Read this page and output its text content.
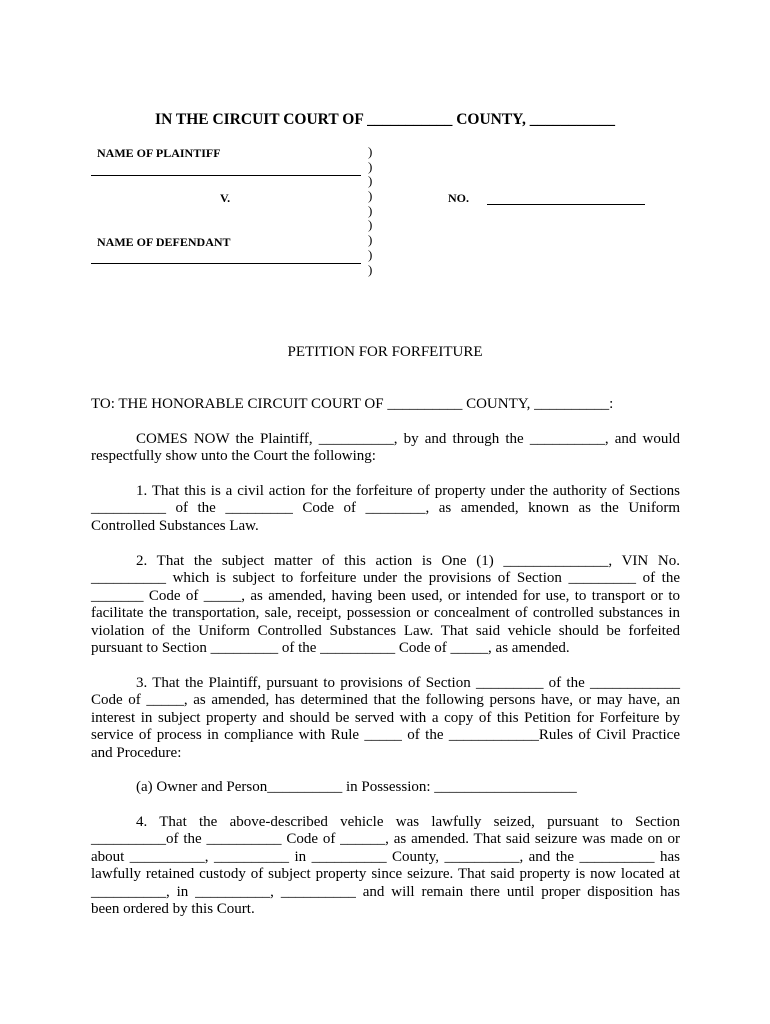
IN THE CIRCUIT COURT OF ___________ COUNTY, ___________
NAME OF PLAINTIFF
V.
NAME OF DEFENDANT
)
)
)
)
)
)
)
)
)
NO.
PETITION FOR FORFEITURE
TO: THE HONORABLE CIRCUIT COURT OF __________ COUNTY, __________:
COMES NOW the Plaintiff, __________, by and through the __________, and would
respectfully show unto the Court the following:
1. That this is a civil action for the forfeiture of property under the authority of Sections
__________ of the _________ Code of ________, as amended, known as the Uniform
Controlled Substances Law.
2. That the subject matter of this action is One (1) ______________, VIN No.
__________ which is subject to forfeiture under the provisions of Section _________ of the
_______ Code of _____, as amended, having been used, or intended for use, to transport or to
facilitate the transportation, sale, receipt, possession or concealment of controlled substances in
violation of the Uniform Controlled Substances Law. That said vehicle should be forfeited
pursuant to Section _________ of the __________ Code of _____, as amended.
3. That the Plaintiff, pursuant to provisions of Section _________ of the ____________
Code of _____, as amended, has determined that the following persons have, or may have, an
interest in subject property and should be served with a copy of this Petition for Forfeiture by
service of process in compliance with Rule _____ of the ____________Rules of Civil Practice
and Procedure:
(a) Owner and Person__________ in Possession: ___________________
4. That the above-described vehicle was lawfully seized, pursuant to Section
__________of the __________ Code of ______, as amended. That said seizure was made on or
about __________, __________ in __________ County, __________, and the __________ has
lawfully retained custody of subject property since seizure. That said property is now located at
__________, in __________, __________ and will remain there until proper disposition has
been ordered by this Court.
